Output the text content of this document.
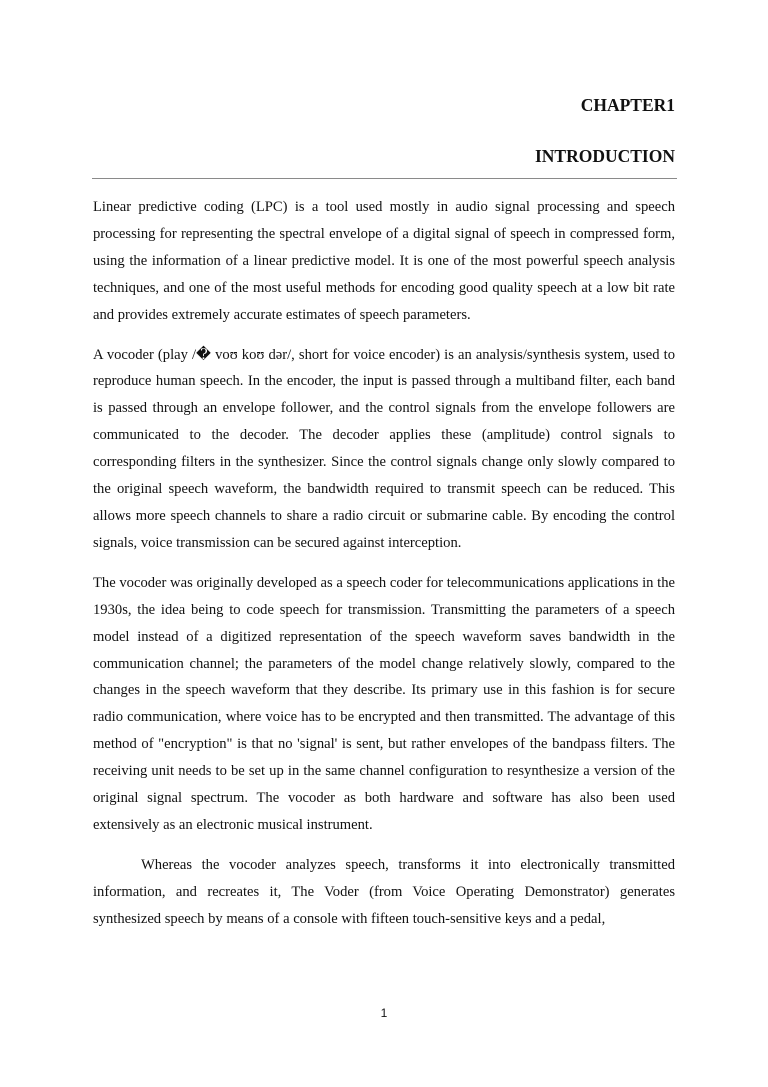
CHAPTER1
INTRODUCTION

Linear predictive coding (LPC) is a tool used mostly in audio signal processing and speech processing for representing the spectral envelope of a digital signal of speech in compressed form, using the information of a linear predictive model. It is one of the most powerful speech analysis techniques, and one of the most useful methods for encoding good quality speech at a low bit rate and provides extremely accurate estimates of speech parameters.

A vocoder (play /� voʊ koʊ dər/, short for voice encoder) is an analysis/synthesis system, used to reproduce human speech. In the encoder, the input is passed through a multiband filter, each band is passed through an envelope follower, and the control signals from the envelope followers are communicated to the decoder. The decoder applies these (amplitude) control signals to corresponding filters in the synthesizer. Since the control signals change only slowly compared to the original speech waveform, the bandwidth required to transmit speech can be reduced. This allows more speech channels to share a radio circuit or submarine cable. By encoding the control signals, voice transmission can be secured against interception.

The vocoder was originally developed as a speech coder for telecommunications applications in the 1930s, the idea being to code speech for transmission. Transmitting the parameters of a speech model instead of a digitized representation of the speech waveform saves bandwidth in the communication channel; the parameters of the model change relatively slowly, compared to the changes in the speech waveform that they describe. Its primary use in this fashion is for secure radio communication, where voice has to be encrypted and then transmitted. The advantage of this method of "encryption" is that no 'signal' is sent, but rather envelopes of the bandpass filters. The receiving unit needs to be set up in the same channel configuration to resynthesize a version of the original signal spectrum. The vocoder as both hardware and software has also been used extensively as an electronic musical instrument.

Whereas the vocoder analyzes speech, transforms it into electronically transmitted information, and recreates it, The Voder (from Voice Operating Demonstrator) generates synthesized speech by means of a console with fifteen touch-sensitive keys and a pedal,

1
